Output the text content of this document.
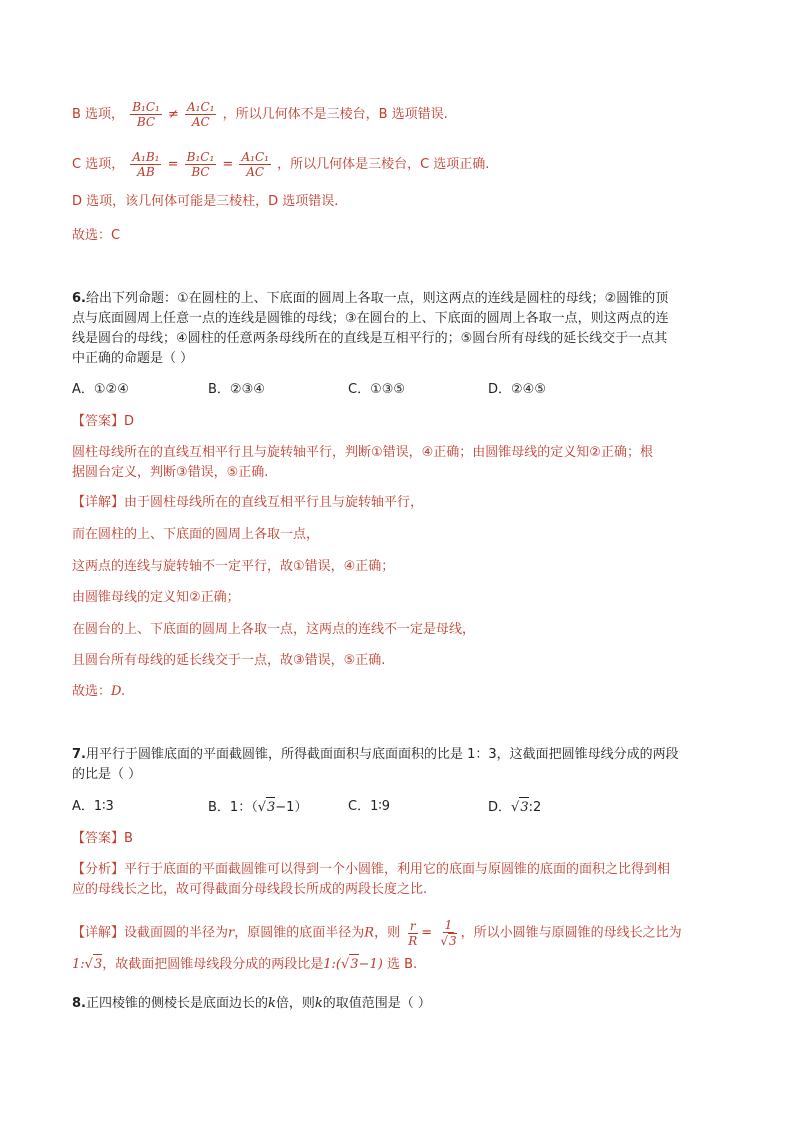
B 选项， $\frac{\text{B₁C₁}}{BC} \ne \frac{\text{A₁C₁}}{AC}$ ，所以几何体不是三棱台，B 选项错误.
C 选项， $\frac{\text{A₁B₁}}{AB} = \frac{\text{B₁C₁}}{BC} = \frac{\text{A₁C₁}}{AC}$ ，所以几何体是三棱台，C 选项正确.
D 选项，该几何体可能是三棱柱，D 选项错误.
故选：C
6.给出下列命题：①在圆柱的上、下底面的圆周上各取一点，则这两点的连线是圆柱的母线；②圆锥的顶
点与底面圆周上任意一点的连线是圆锥的母线；③在圆台的上、下底面的圆周上各取一点，则这两点的连
线是圆台的母线；④圆柱的任意两条母线所在的直线是互相平行的；⑤圆台所有母线的延长线交于一点其
中正确的命题是（ ）
A．①②④	B．②③④	C．①③⑤	D．②④⑤
【答案】D
圆柱母线所在的直线互相平行且与旋转轴平行，判断①错误，④正确；由圆锥母线的定义知②正确；根
据圆台定义，判断③错误，⑤正确.
【详解】由于圆柱母线所在的直线互相平行且与旋转轴平行，
而在圆柱的上、下底面的圆周上各取一点，
这两点的连线与旋转轴不一定平行，故①错误，④正确；
由圆锥母线的定义知②正确；
在圆台的上、下底面的圆周上各取一点，这两点的连线不一定是母线，
且圆台所有母线的延长线交于一点，故③错误，⑤正确.
故选：D.
7.用平行于圆锥底面的平面截圆锥，所得截面面积与底面面积的比是 1：3，这截面把圆锥母线分成的两段
的比是（ ）
A．1∶3	B．1：（√3−1）	C．1∶9	D．√3:2
【答案】B
【分析】平行于底面的平面截圆锥可以得到一个小圆锥，利用它的底面与原圆锥的底面的面积之比得到相
应的母线长之比，故可得截面分母线段长所成的两段长度之比.
【详解】设截面圆的半径为r，原圆锥的底面半径为R，则 $\frac{r}{R} = \frac{1}{√3}$ ，所以小圆锥与原圆锥的母线长之比为
1:√3，故截面把圆锥母线段分成的两段比是1:(√3−1) 选 B.
8.正四棱锥的侧棱长是底面边长的k倍，则k的取值范围是（ ）
